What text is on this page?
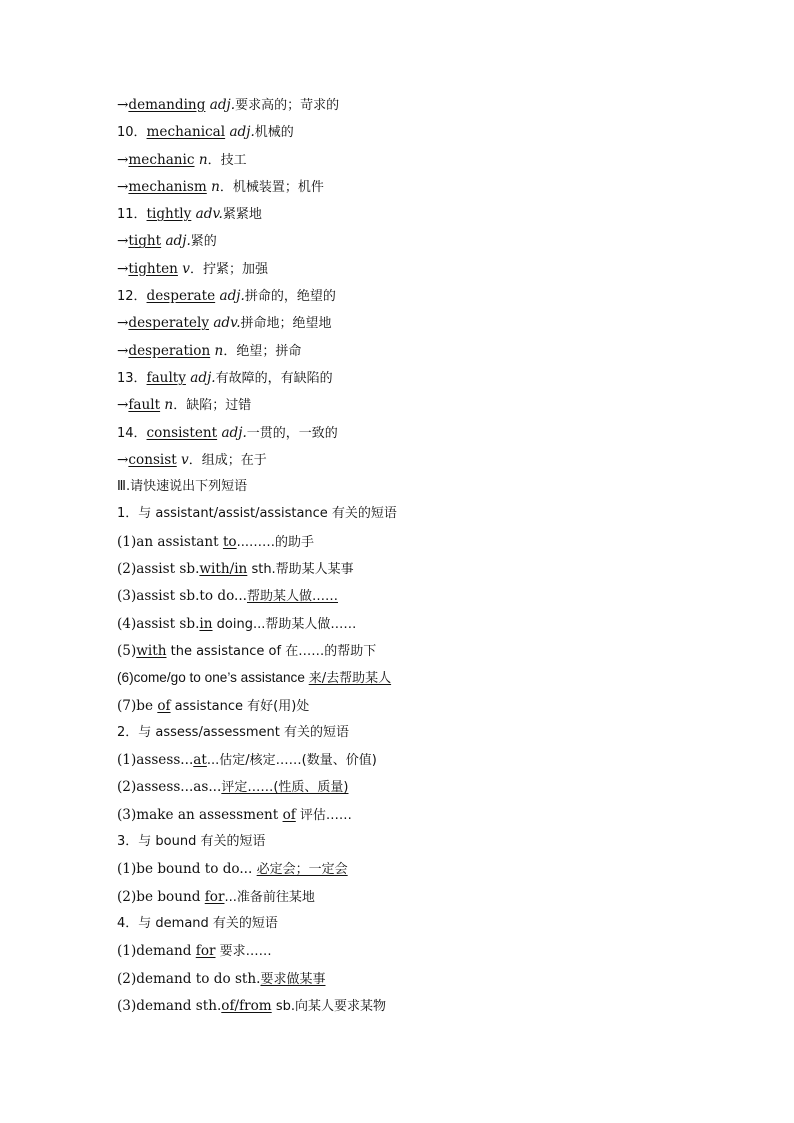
→ demanding
adj. 要求高的；苛求的
10． mechanical
adj. 机械的
→ mechanic
n ．技工
→ mechanism
n ．机械装置；机件
11． tightly
adv. 紧紧地
→ tight
adj. 紧的
→ tighten
v ．拧紧；加强
12． desperate
adj. 拼命的，绝望的
→ desperately
adv. 拼命地；绝望地
→ desperation
n ．绝望；拼命
13． faulty
adj. 有故障的，有缺陷的
→ fault
n ．缺陷；过错
14． consistent
adj. 一贯的，一致的
→ consist
v ．组成；在于
Ⅲ.请快速说出下列短语
1．与 assistant/assist/assistance 有关的短语
(1)an assistant to ...……的助手
(2)assist sb. with/in sth.帮助某人某事
(3)assist sb.to do... 帮助某人做……
(4)assist sb. in doing...帮助某人做……
(5) with the assistance of 在……的帮助下
(6)come/go to one’s assistance 来/去帮助某人
(7)be of assistance 有好(用)处
2．与 assess/assessment 有关的短语
(1)assess... at ...估定/核定……(数量、价值)
(2)assess...as... 评定……(性质、质量)
(3)make an assessment of 评估……
3．与 bound 有关的短语
(1)be bound to do... 必定会；一定会
(2)be bound for ...准备前往某地
4．与 demand 有关的短语
(1)demand for 要求……
(2)demand to do sth. 要求做某事
(3)demand sth. of/from sb.向某人要求某物
